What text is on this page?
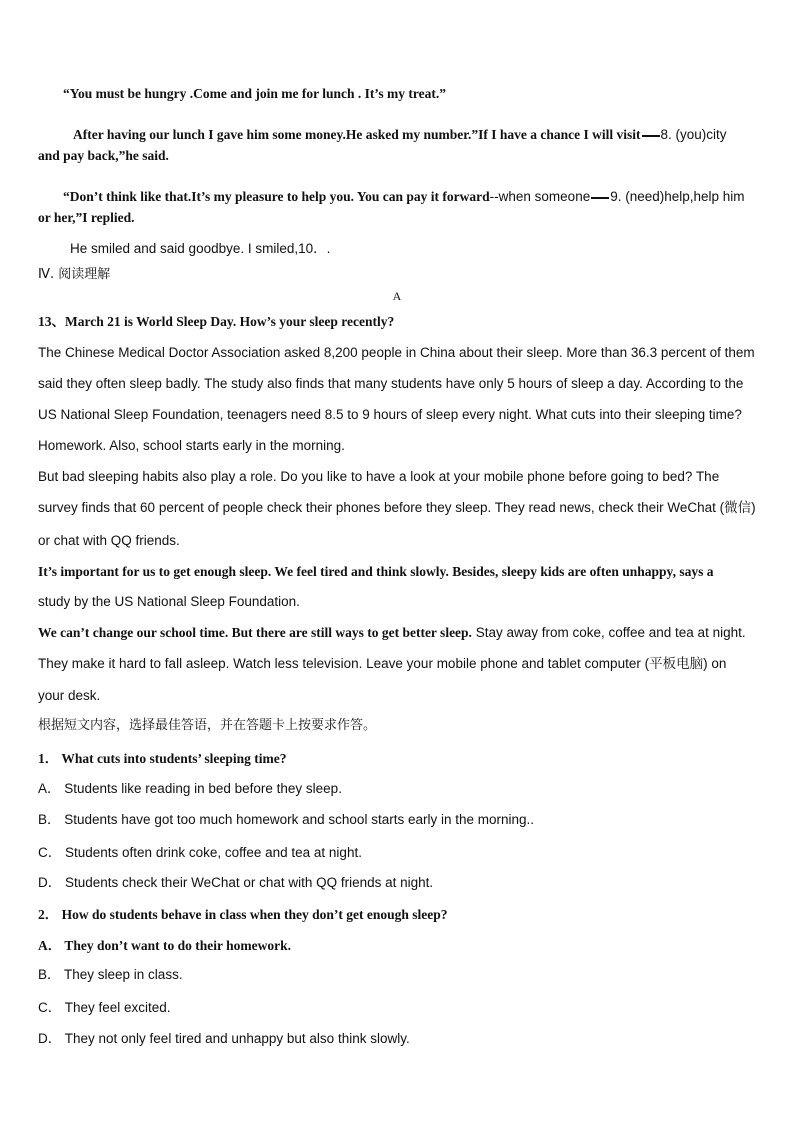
“You must be hungry .Come and join me for lunch . It’s my treat.”
After having our lunch I gave him some money.He asked my number.”If I have a chance I will visit 8. (you)city
and pay back,”he said.
“Don’t think like that.It’s my pleasure to help you. You can pay it forward--when someone 9. (need)help,help him
or her,”I replied.
He smiled and said goodbye. I smiled,10．.
Ⅳ. 阅读理解
A
13、March 21 is World Sleep Day. How’s your sleep recently?
The Chinese Medical Doctor Association asked 8,200 people in China about their sleep. More than 36.3 percent of them
said they often sleep badly. The study also finds that many students have only 5 hours of sleep a day. According to the
US National Sleep Foundation, teenagers need 8.5 to 9 hours of sleep every night. What cuts into their sleeping time?
Homework. Also, school starts early in the morning.
But bad sleeping habits also play a role. Do you like to have a look at your mobile phone before going to bed? The
survey finds that 60 percent of people check their phones before they sleep. They read news, check their WeChat (微信)
or chat with QQ friends.
It’s important for us to get enough sleep. We feel tired and think slowly. Besides, sleepy kids are often unhappy, says a
study by the US National Sleep Foundation.
We can’t change our school time. But there are still ways to get better sleep. Stay away from coke, coffee and tea at night.
They make it hard to fall asleep. Watch less television. Leave your mobile phone and tablet computer (平板电脑) on
your desk.
根据短文内容，选择最佳答语，并在答题卡上按要求作答。
1． What cuts into students’ sleeping time?
A． Students like reading in bed before they sleep.
B． Students have got too much homework and school starts early in the morning..
C． Students often drink coke, coffee and tea at night.
D． Students check their WeChat or chat with QQ friends at night.
2． How do students behave in class when they don’t get enough sleep?
A． They don’t want to do their homework.
B． They sleep in class.
C． They feel excited.
D． They not only feel tired and unhappy but also think slowly.
